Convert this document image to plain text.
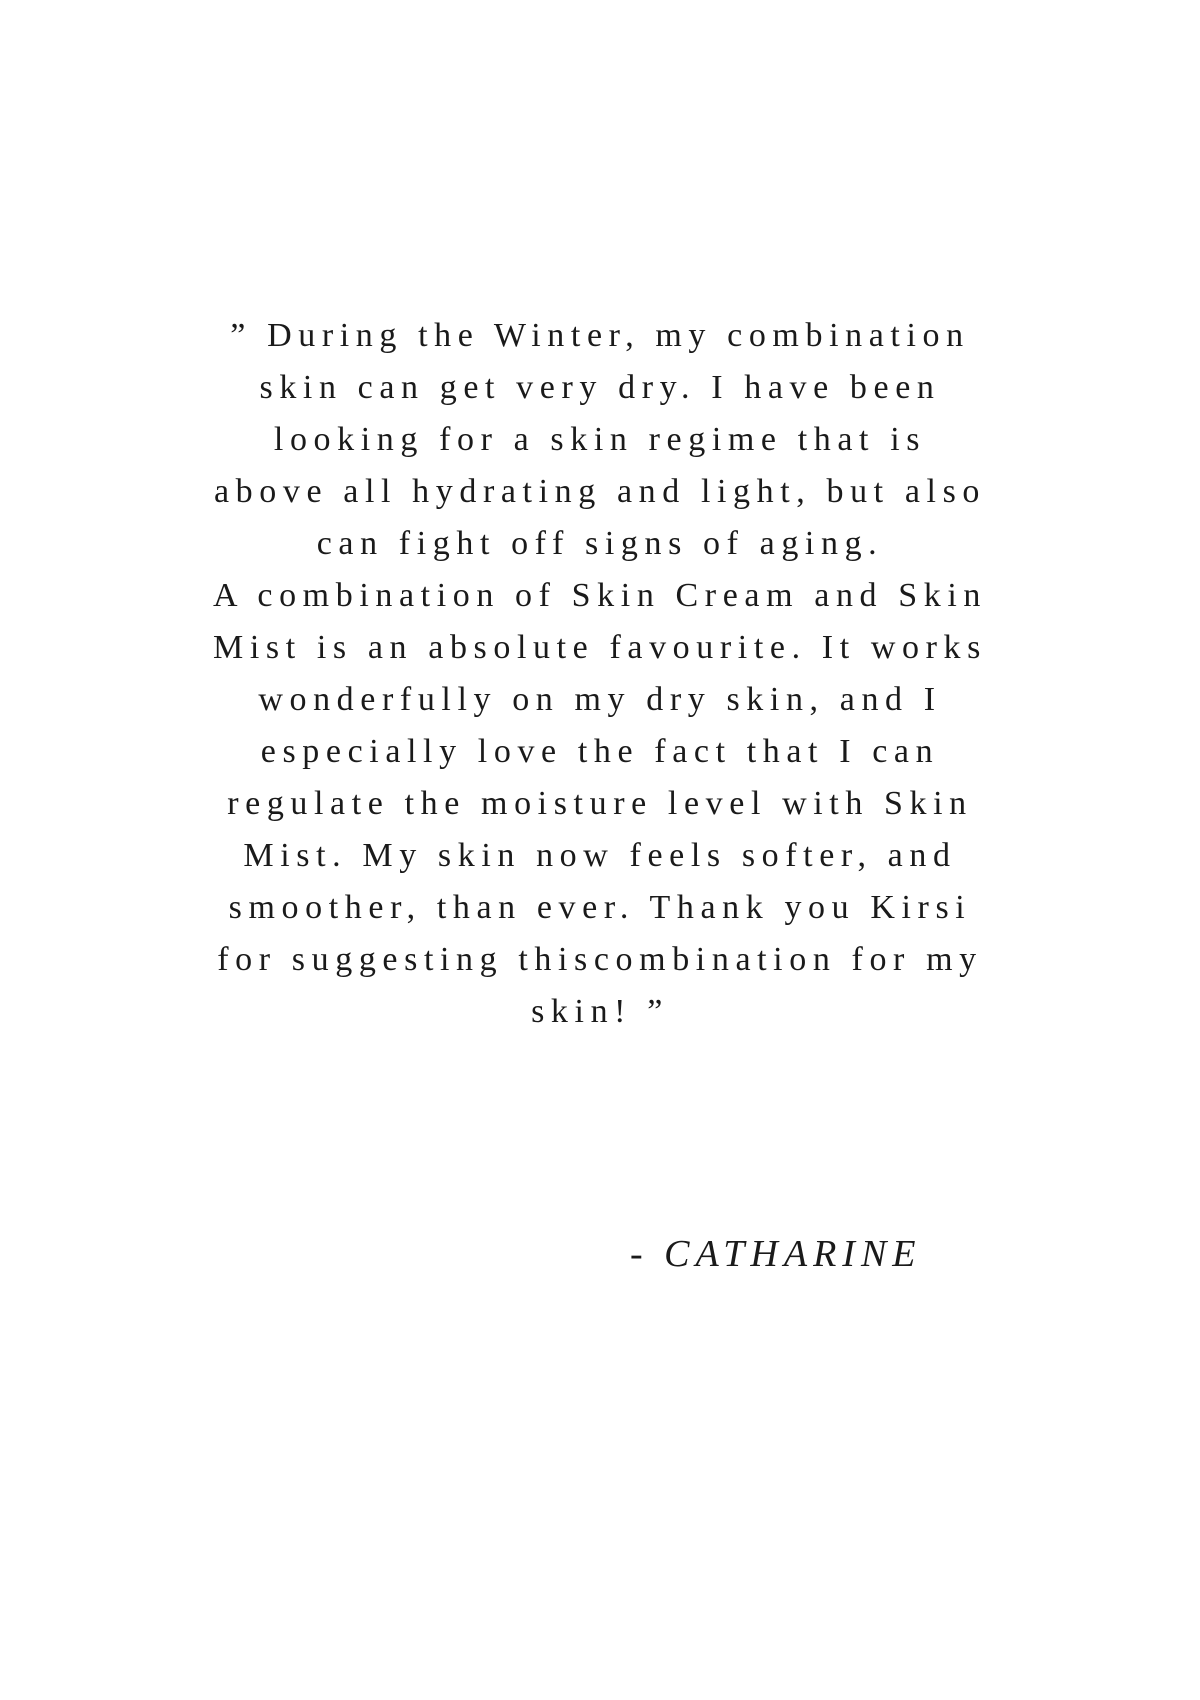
” During the Winter, my combination
skin can get very dry. I have been
looking for a skin regime that is
above all hydrating and light, but also
can fight off signs of aging.
A combination of Skin Cream and Skin
Mist is an absolute favourite. It works
wonderfully on my dry skin, and I
especially love the fact that I can
regulate the moisture level with Skin
Mist. My skin now feels softer, and
smoother, than ever. Thank you Kirsi
for suggesting thiscombination for my
skin! ”
- CATHARINE
